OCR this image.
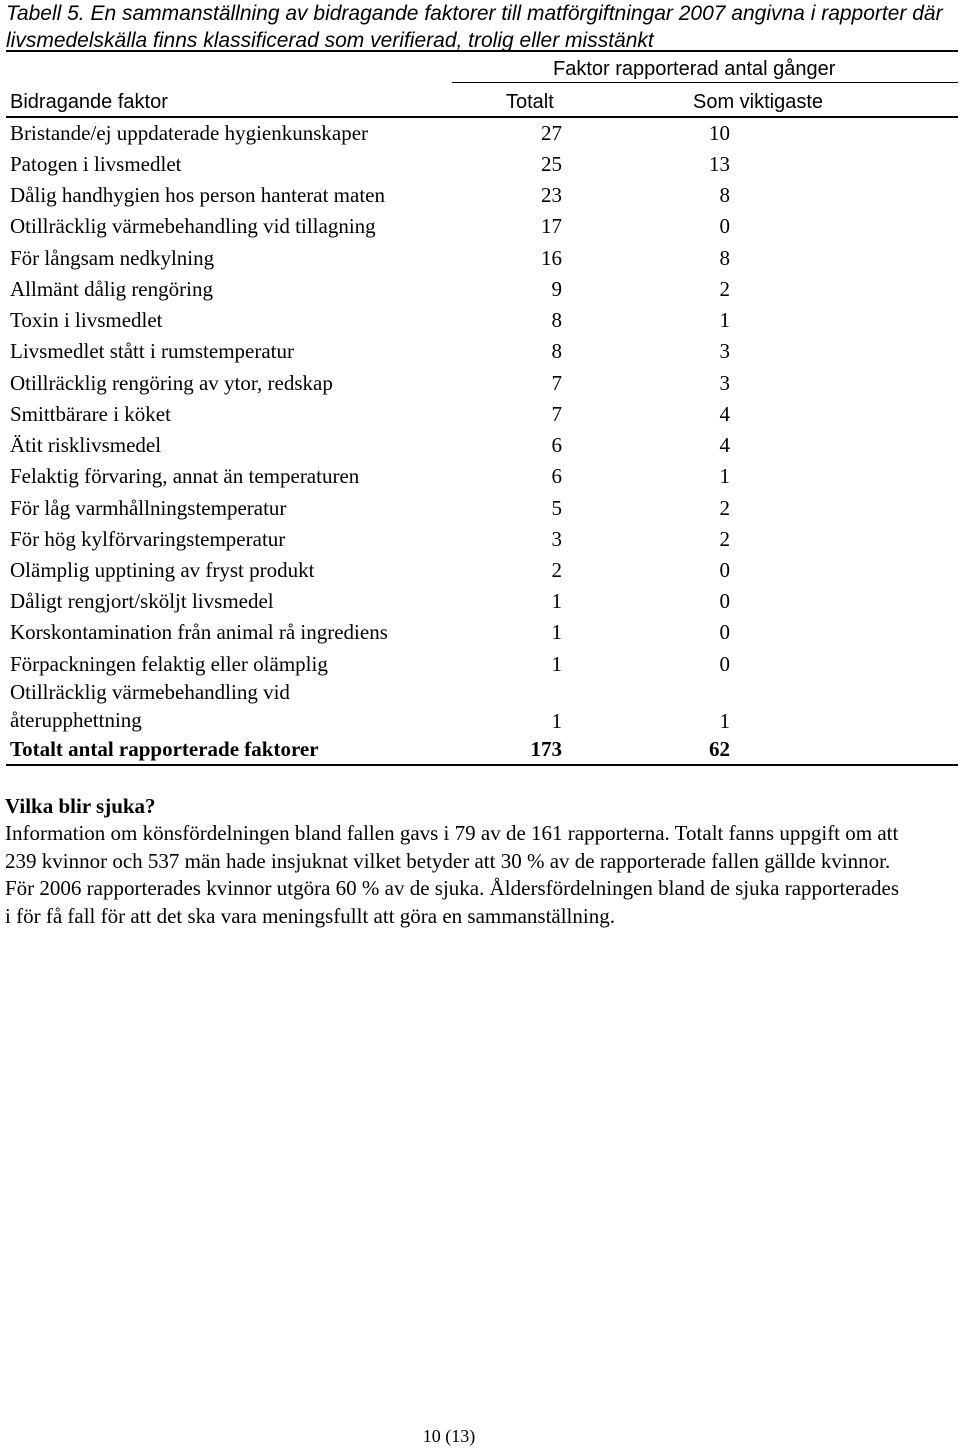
Tabell 5. En sammanställning av bidragande faktorer till matförgiftningar 2007 angivna i rapporter där livsmedelskälla finns klassificerad som verifierad, trolig eller misstänkt
Faktor rapporterad antal gånger
Bidragande faktor	Totalt	Som viktigaste
Bristande/ej uppdaterade hygienkunskaper	27	10
Patogen i livsmedlet	25	13
Dålig handhygien hos person hanterat maten	23	8
Otillräcklig värmebehandling vid tillagning	17	0
För långsam nedkylning	16	8
Allmänt dålig rengöring	9	2
Toxin i livsmedlet	8	1
Livsmedlet stått i rumstemperatur	8	3
Otillräcklig rengöring av ytor, redskap	7	3
Smittbärare i köket	7	4
Ätit risklivsmedel	6	4
Felaktig förvaring, annat än temperaturen	6	1
För låg varmhållningstemperatur	5	2
För hög kylförvaringstemperatur	3	2
Olämplig upptining av fryst produkt	2	0
Dåligt rengjort/sköljt livsmedel	1	0
Korskontamination från animal rå ingrediens	1	0
Förpackningen felaktig eller olämplig	1	0
Otillräcklig värmebehandling vid återupphettning	1	1
Totalt antal rapporterade faktorer	173	62
Vilka blir sjuka?
Information om könsfördelningen bland fallen gavs i 79 av de 161 rapporterna. Totalt fanns uppgift om att 239 kvinnor och 537 män hade insjuknat vilket betyder att 30 % av de rapporterade fallen gällde kvinnor. För 2006 rapporterades kvinnor utgöra 60 % av de sjuka. Åldersfördelningen bland de sjuka rapporterades i för få fall för att det ska vara meningsfullt att göra en sammanställning.
10 (13)
